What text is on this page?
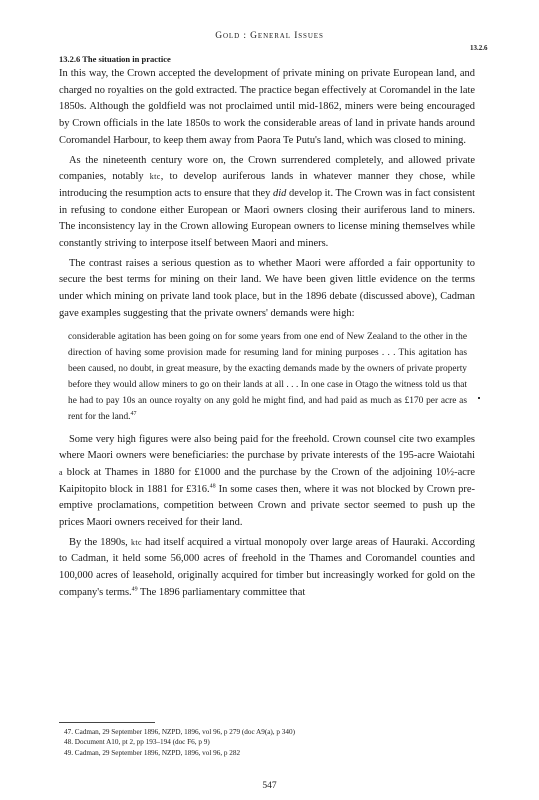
Gold : General Issues
13.2.6
13.2.6 The situation in practice

In this way, the Crown accepted the development of private mining on private European land, and charged no royalties on the gold extracted. The practice began effectively at Coromandel in the late 1850s. Although the goldfield was not proclaimed until mid-1862, miners were being encouraged by Crown officials in the late 1850s to work the considerable areas of land in private hands around Coromandel Harbour, to keep them away from Paora Te Putu's land, which was closed to mining.

As the nineteenth century wore on, the Crown surrendered completely, and allowed private companies, notably ktc, to develop auriferous lands in whatever manner they chose, while introducing the resumption acts to ensure that they did develop it. The Crown was in fact consistent in refusing to condone either European or Maori owners closing their auriferous land to miners. The inconsistency lay in the Crown allowing European owners to license mining themselves while constantly striving to interpose itself between Maori and miners.

The contrast raises a serious question as to whether Maori were afforded a fair opportunity to secure the best terms for mining on their land. We have been given little evidence on the terms under which mining on private land took place, but in the 1896 debate (discussed above), Cadman gave examples suggesting that the private owners' demands were high:

considerable agitation has been going on for some years from one end of New Zealand to the other in the direction of having some provision made for resuming land for mining purposes . . . This agitation has been caused, no doubt, in great measure, by the exacting demands made by the owners of private property before they would allow miners to go on their lands at all . . . In one case in Otago the witness told us that he had to pay 10s an ounce royalty on any gold he might find, and had paid as much as £170 per acre as rent for the land.$^{47}$

Some very high figures were also being paid for the freehold. Crown counsel cite two examples where Maori owners were beneficiaries: the purchase by private interests of the 195-acre Waiotahi a block at Thames in 1880 for £1000 and the purchase by the Crown of the adjoining 10½-acre Kaipitopito block in 1881 for £316.48 In some cases then, where it was not blocked by Crown pre-emptive proclamations, competition between Crown and private sector seemed to push up the prices Maori owners received for their land.

By the 1890s, ktc had itself acquired a virtual monopoly over large areas of Hauraki. According to Cadman, it held some 56,000 acres of freehold in the Thames and Coromandel counties and 100,000 acres of leasehold, originally acquired for timber but increasingly worked for gold on the company's terms.$^{49}$ The 1896 parliamentary committee that

47. Cadman, 29 September 1896, NZPD, 1896, vol 96, p 279 (doc A9(a), p 340)
48. Document A10, pt 2, pp 193–194 (doc F6, p 9)
49. Cadman, 29 September 1896, NZPD, 1896, vol 96, p 282
547
